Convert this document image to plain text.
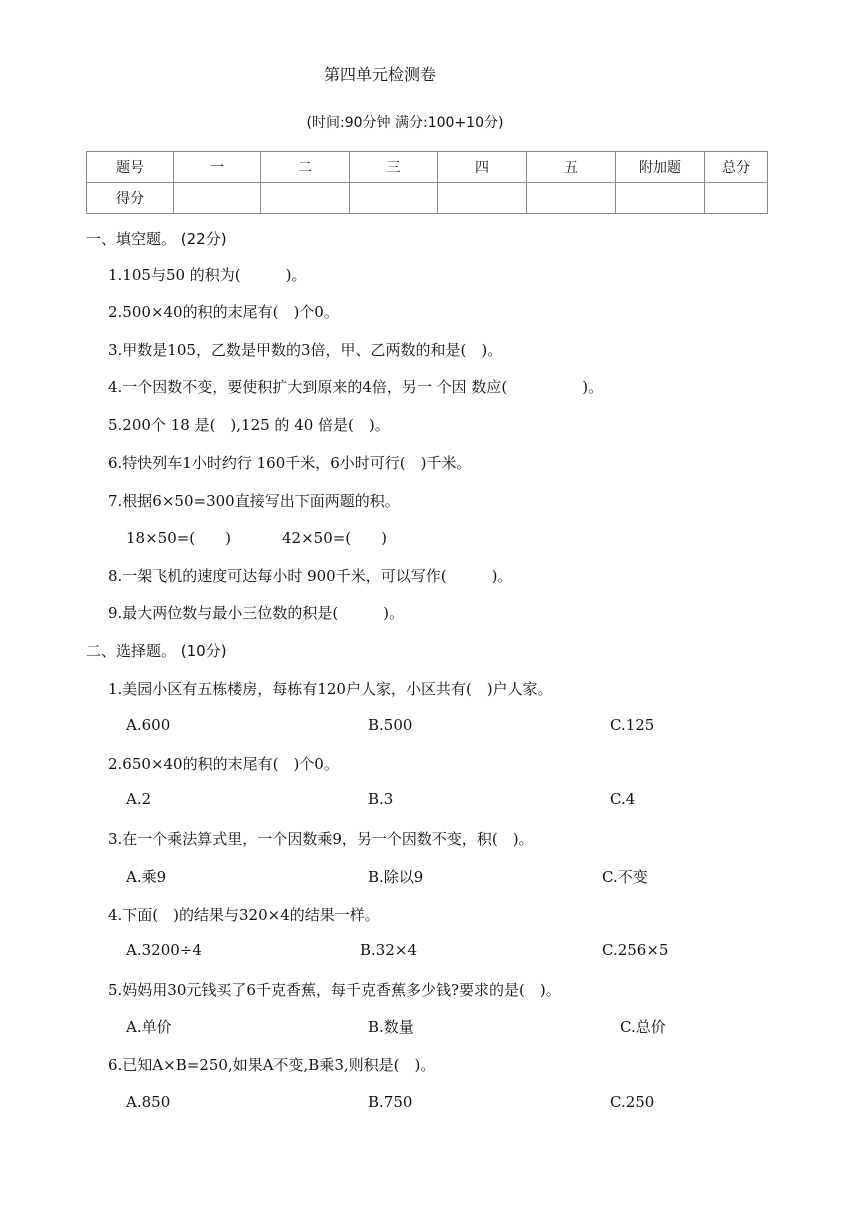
第四单元检测卷
(时间:90分钟 满分:100+10分)
题号	一	二	三	四	五	附加题	总分
得分							
一、填空题。 (22分)
1.105与50 的积为(　　　)。
2.500×40的积的末尾有(　)个0。
3.甲数是105，乙数是甲数的3倍，甲、乙两数的和是(　)。
4.一个因数不变，要使积扩大到原来的4倍，另一 个因 数应(　　　　　)。
5.200个 18 是(　),125 的 40 倍是(　)。
6.特快列车1小时约行 160千米，6小时可行(　)千米。
7.根据6×50=300直接写出下面两题的积。
18×50=(　　)	42×50=(　　)
8.一架飞机的速度可达每小时 900千米，可以写作(　　　)。
9.最大两位数与最小三位数的积是(　　　)。
二、选择题。 (10分)
1.美园小区有五栋楼房，每栋有120户人家，小区共有(　)户人家。
A.600	B.500	C.125
2.650×40的积的末尾有(　)个0。
A.2	B.3	C.4
3.在一个乘法算式里，一个因数乘9，另一个因数不变，积(　)。
A.乘9	B.除以9	C.不变
4.下面(　)的结果与320×4的结果一样。
A.3200÷4	B.32×4	C.256×5
5.妈妈用30元钱买了6千克香蕉，每千克香蕉多少钱?要求的是(　)。
A.单价	B.数量	C.总价
6.已知A×B=250,如果A不变,B乘3,则积是(　)。
A.850	B.750	C.250
